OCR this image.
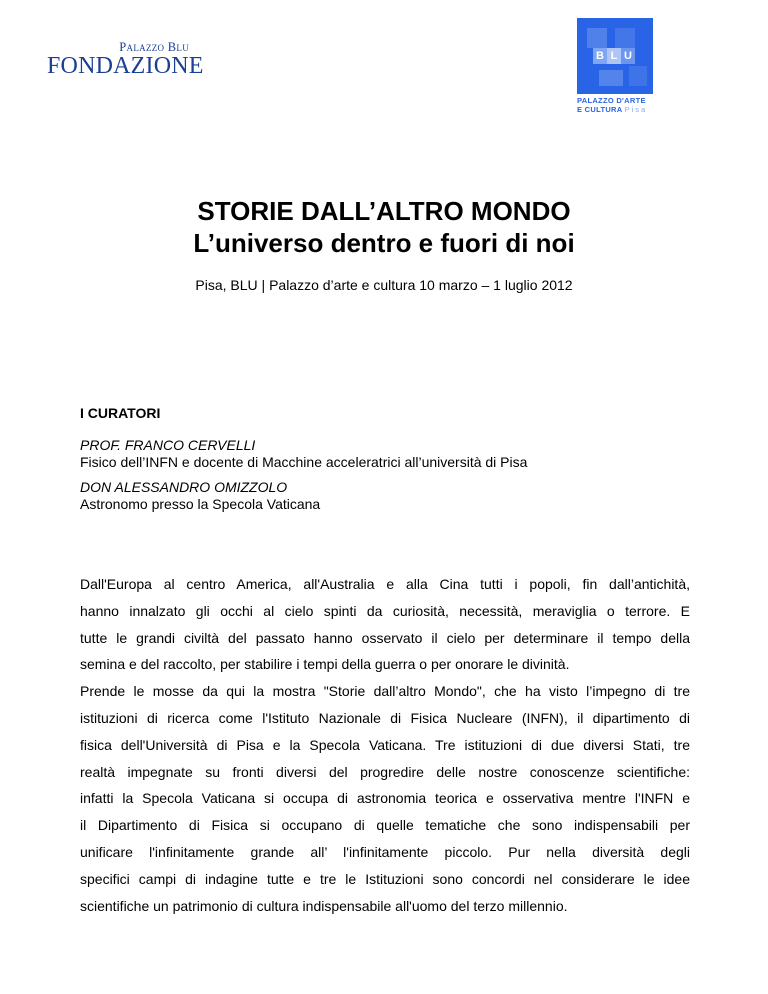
Palazzo Blu
FONDAZIONE	B L U
PALAZZO D'ARTE
E CULTURA Pisa
STORIE DALL’ALTRO MONDO
L’universo dentro e fuori di noi
Pisa, BLU | Palazzo d’arte e cultura 10 marzo – 1 luglio 2012
I CURATORI
PROF. FRANCO CERVELLI
Fisico dell’INFN e docente di Macchine acceleratrici all’università di Pisa
DON ALESSANDRO OMIZZOLO
Astronomo presso la Specola Vaticana
Dall'Europa al centro America, all'Australia e alla Cina tutti i popoli, fin dall’antichità,
hanno innalzato gli occhi al cielo spinti da curiosità, necessità, meraviglia o terrore. E
tutte le grandi civiltà del passato hanno osservato il cielo per determinare il tempo della
semina e del raccolto, per stabilire i tempi della guerra o per onorare le divinità.
Prende le mosse da qui la mostra "Storie dall’altro Mondo", che ha visto l’impegno di tre
istituzioni di ricerca come l'Istituto Nazionale di Fisica Nucleare (INFN), il dipartimento di
fisica dell'Università di Pisa e la Specola Vaticana. Tre istituzioni di due diversi Stati, tre
realtà impegnate su fronti diversi del progredire delle nostre conoscenze scientifiche:
infatti la Specola Vaticana si occupa di astronomia teorica e osservativa mentre l'INFN e
il Dipartimento di Fisica si occupano di quelle tematiche che sono indispensabili per
unificare l'infinitamente grande all’ l'infinitamente piccolo. Pur nella diversità degli
specifici campi di indagine tutte e tre le Istituzioni sono concordi nel considerare le idee
scientifiche un patrimonio di cultura indispensabile all'uomo del terzo millennio.
